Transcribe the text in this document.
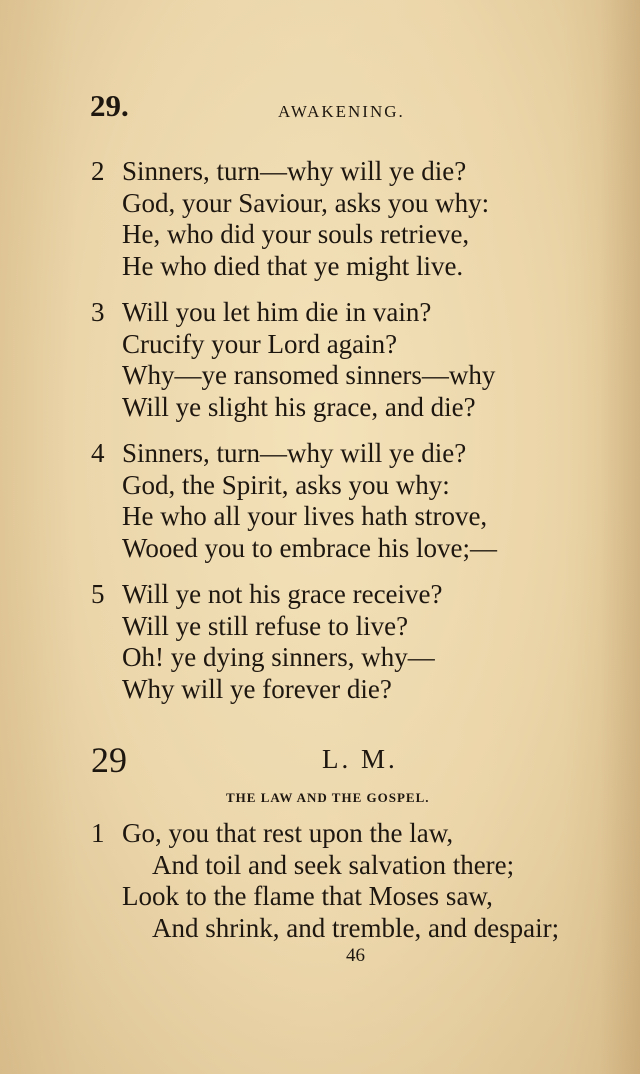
29.	AWAKENING.
2 Sinners, turn—why will ye die?
God, your Saviour, asks you why:
He, who did your souls retrieve,
He who died that ye might live.
3 Will you let him die in vain?
Crucify your Lord again?
Why—ye ransomed sinners—why
Will ye slight his grace, and die?
4 Sinners, turn—why will ye die?
God, the Spirit, asks you why:
He who all your lives hath strove,
Wooed you to embrace his love;—
5 Will ye not his grace receive?
Will ye still refuse to live?
Oh! ye dying sinners, why—
Why will ye forever die?
29	L. M.
THE LAW AND THE GOSPEL.
1 Go, you that rest upon the law,
And toil and seek salvation there;
Look to the flame that Moses saw,
And shrink, and tremble, and despair;
46
